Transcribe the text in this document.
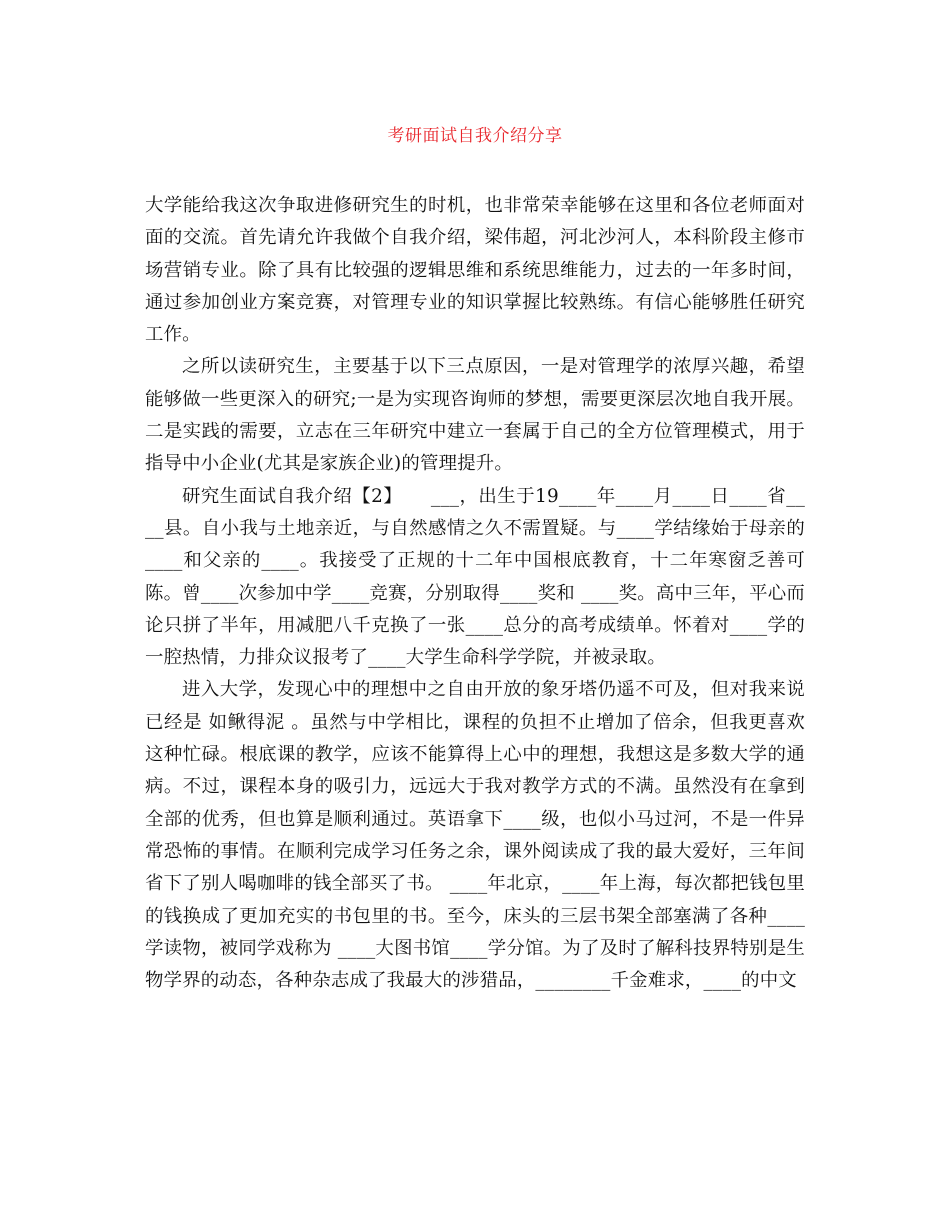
考研面试自我介绍分享

大学能给我这次争取进修研究生的时机，也非常荣幸能够在这里和各位老师面对面的交流。首先请允许我做个自我介绍，梁伟超，河北沙河人，本科阶段主修市场营销专业。除了具有比较强的逻辑思维和系统思维能力，过去的一年多时间，通过参加创业方案竞赛，对管理专业的知识掌握比较熟练。有信心能够胜任研究工作。

之所以读研究生，主要基于以下三点原因，一是对管理学的浓厚兴趣，希望能够做一些更深入的研究;一是为实现咨询师的梦想，需要更深层次地自我开展。二是实践的需要，立志在三年研究中建立一套属于自己的全方位管理模式，用于指导中小企业(尤其是家族企业)的管理提升。

研究生面试自我介绍【2】　　___，出生于19____年____月____日____省____县。自小我与土地亲近，与自然感情之久不需置疑。与____学结缘始于母亲的____和父亲的____。我接受了正规的十二年中国根底教育，十二年寒窗乏善可陈。曾____次参加中学____竞赛，分别取得____奖和 ____奖。高中三年，平心而论只拼了半年，用减肥八千克换了一张____总分的高考成绩单。怀着对____学的一腔热情，力排众议报考了____大学生命科学学院，并被录取。

进入大学，发现心中的理想中之自由开放的象牙塔仍遥不可及，但对我来说已经是 如鳅得泥 。虽然与中学相比，课程的负担不止增加了倍余，但我更喜欢这种忙碌。根底课的教学，应该不能算得上心中的理想，我想这是多数大学的通病。不过，课程本身的吸引力，远远大于我对教学方式的不满。虽然没有在拿到全部的优秀，但也算是顺利通过。英语拿下____级，也似小马过河，不是一件异常恐怖的事情。在顺利完成学习任务之余，课外阅读成了我的最大爱好，三年间省下了别人喝咖啡的钱全部买了书。 ____年北京，____年上海，每次都把钱包里的钱换成了更加充实的书包里的书。至今，床头的三层书架全部塞满了各种____学读物，被同学戏称为 ____大图书馆____学分馆。为了及时了解科技界特别是生物学界的动态，各种杂志成了我最大的涉猎品，________千金难求，____的中文
